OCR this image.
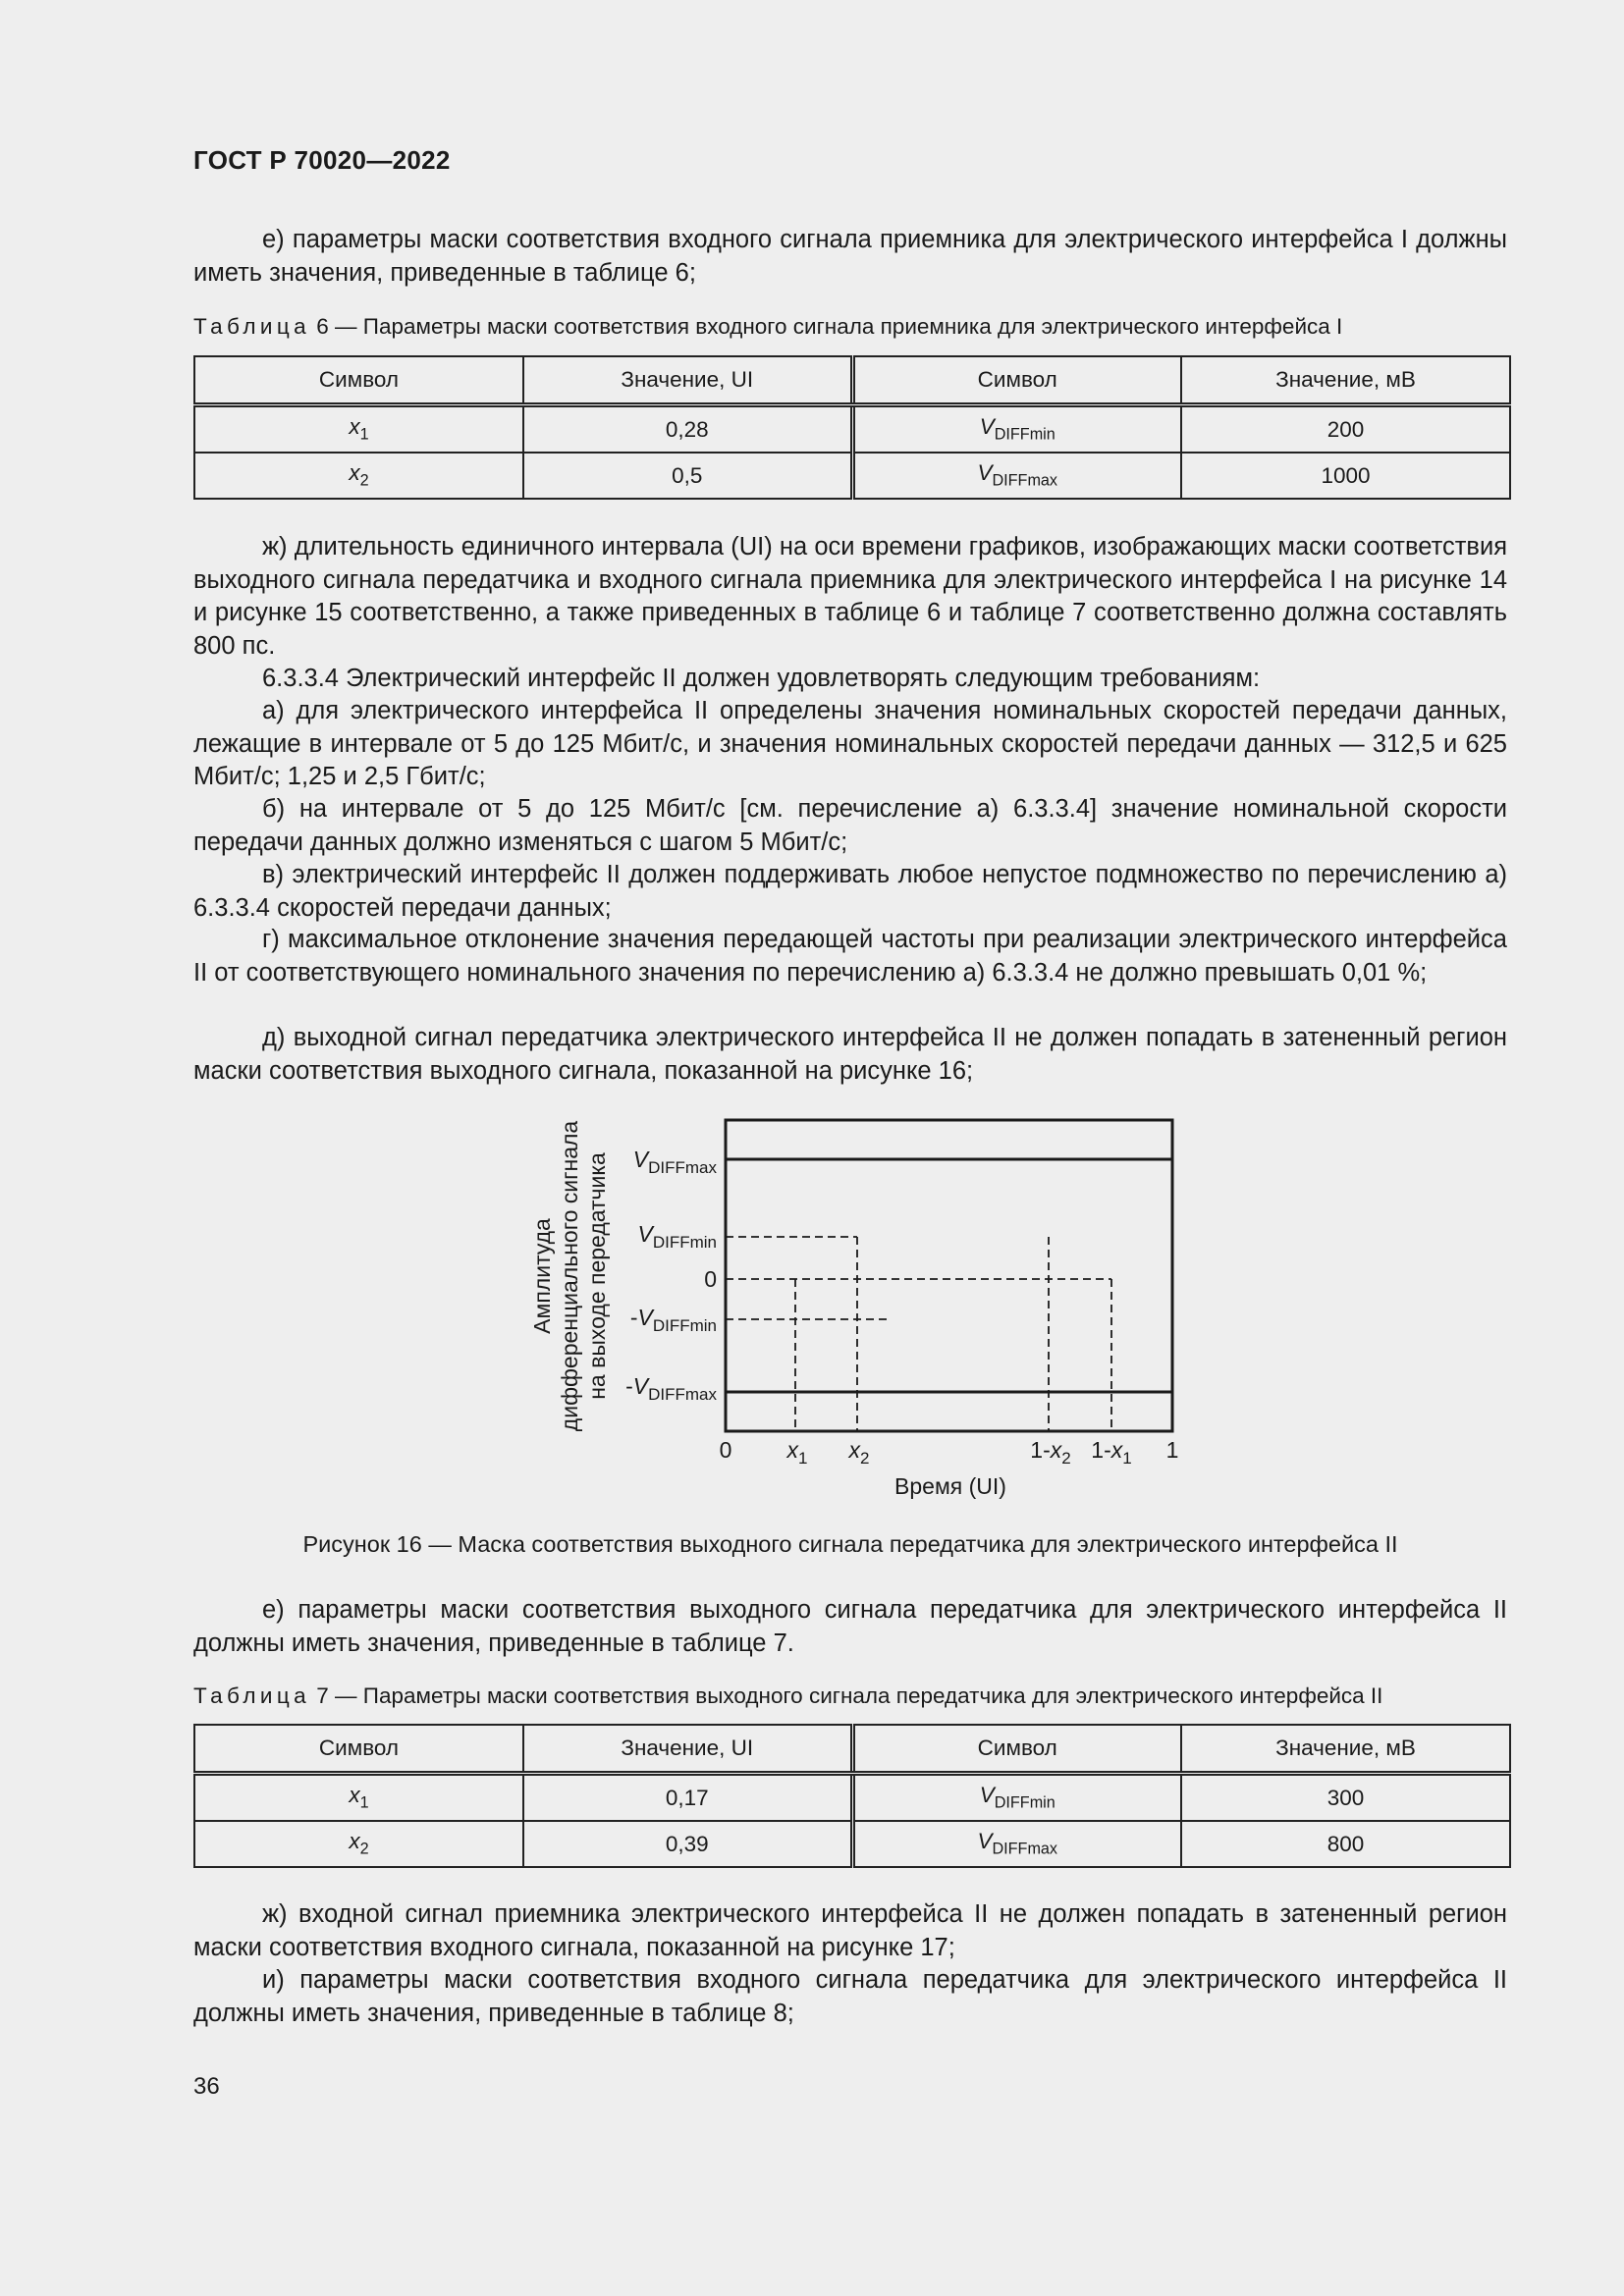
ГОСТ Р 70020—2022
е) параметры маски соответствия входного сигнала приемника для электрического интерфейса I должны иметь значения, приведенные в таблице 6;
Таблица 6 — Параметры маски соответствия входного сигнала приемника для электрического интерфейса I
Символ	Значение, UI	Символ	Значение, мВ
$x_1$	0,28	$V_{DIFFmin}$	200
$x_2$	0,5	$V_{DIFFmax}$	1000
ж) длительность единичного интервала (UI) на оси времени графиков, изображающих маски соответствия выходного сигнала передатчика и входного сигнала приемника для электрического интерфейса I на рисунке 14 и рисунке 15 соответственно, а также приведенных в таблице 6 и таблице 7 соответственно должна составлять 800 пс.
6.3.3.4 Электрический интерфейс II должен удовлетворять следующим требованиям:
а) для электрического интерфейса II определены значения номинальных скоростей передачи данных, лежащие в интервале от 5 до 125 Мбит/с, и значения номинальных скоростей передачи данных — 312,5 и 625 Мбит/с; 1,25 и 2,5 Гбит/с;
б) на интервале от 5 до 125 Мбит/с [см. перечисление а) 6.3.3.4] значение номинальной скорости передачи данных должно изменяться с шагом 5 Мбит/с;
в) электрический интерфейс II должен поддерживать любое непустое подмножество по перечислению а) 6.3.3.4 скоростей передачи данных;
г) максимальное отклонение значения передающей частоты при реализации электрического интерфейса II от соответствующего номинального значения по перечислению а) 6.3.3.4 не должно превышать 0,01 %;
д) выходной сигнал передатчика электрического интерфейса II не должен попадать в затененный регион маски соответствия выходного сигнала, показанной на рисунке 16;
Амплитуда дифференциального сигнала на выходе передатчика $V_{DIFFmax}$
$V_{DIFFmin}$
0
$-V_{DIFFmin}$
$-V_{DIFFmax}$
0 $x_1$ $x_2$	$1-x_2$ $1-x_1$ 1
Время (UI)
Рисунок 16 — Маска соответствия выходного сигнала передатчика для электрического интерфейса II
е) параметры маски соответствия выходного сигнала передатчика для электрического интерфейса II должны иметь значения, приведенные в таблице 7.
Таблица 7 — Параметры маски соответствия выходного сигнала передатчика для электрического интерфейса II
Символ	Значение, UI	Символ	Значение, мВ
$x_1$	0,17	$V_{DIFFmin}$	300
$x_2$	0,39	$V_{DIFFmax}$	800
ж) входной сигнал приемника электрического интерфейса II не должен попадать в затененный регион маски соответствия входного сигнала, показанной на рисунке 17;
и) параметры маски соответствия входного сигнала передатчика для электрического интерфейса II должны иметь значения, приведенные в таблице 8;
36
